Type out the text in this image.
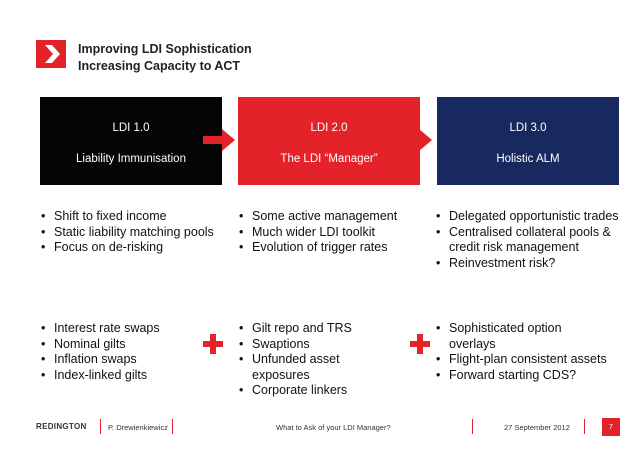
Improving LDI Sophistication
Increasing Capacity to ACT
LDI 1.0
Liability Immunisation
LDI 2.0
The LDI “Manager”
LDI 3.0
Holistic ALM
• Shift to fixed income
• Static liability matching pools
• Focus on de-risking
• Some active management
• Much wider LDI toolkit
• Evolution of trigger rates
• Delegated opportunistic trades
• Centralised collateral pools & credit risk management
• Reinvestment risk?
• Interest rate swaps
• Nominal gilts
• Inflation swaps
• Index-linked gilts
• Gilt repo and TRS
• Swaptions
• Unfunded asset exposures
• Corporate linkers
• Sophisticated option overlays
• Flight-plan consistent assets
• Forward starting CDS?
REDINGTON	P. Drewienkiewicz	What to Ask of your LDI Manager?	27 September 2012	7
